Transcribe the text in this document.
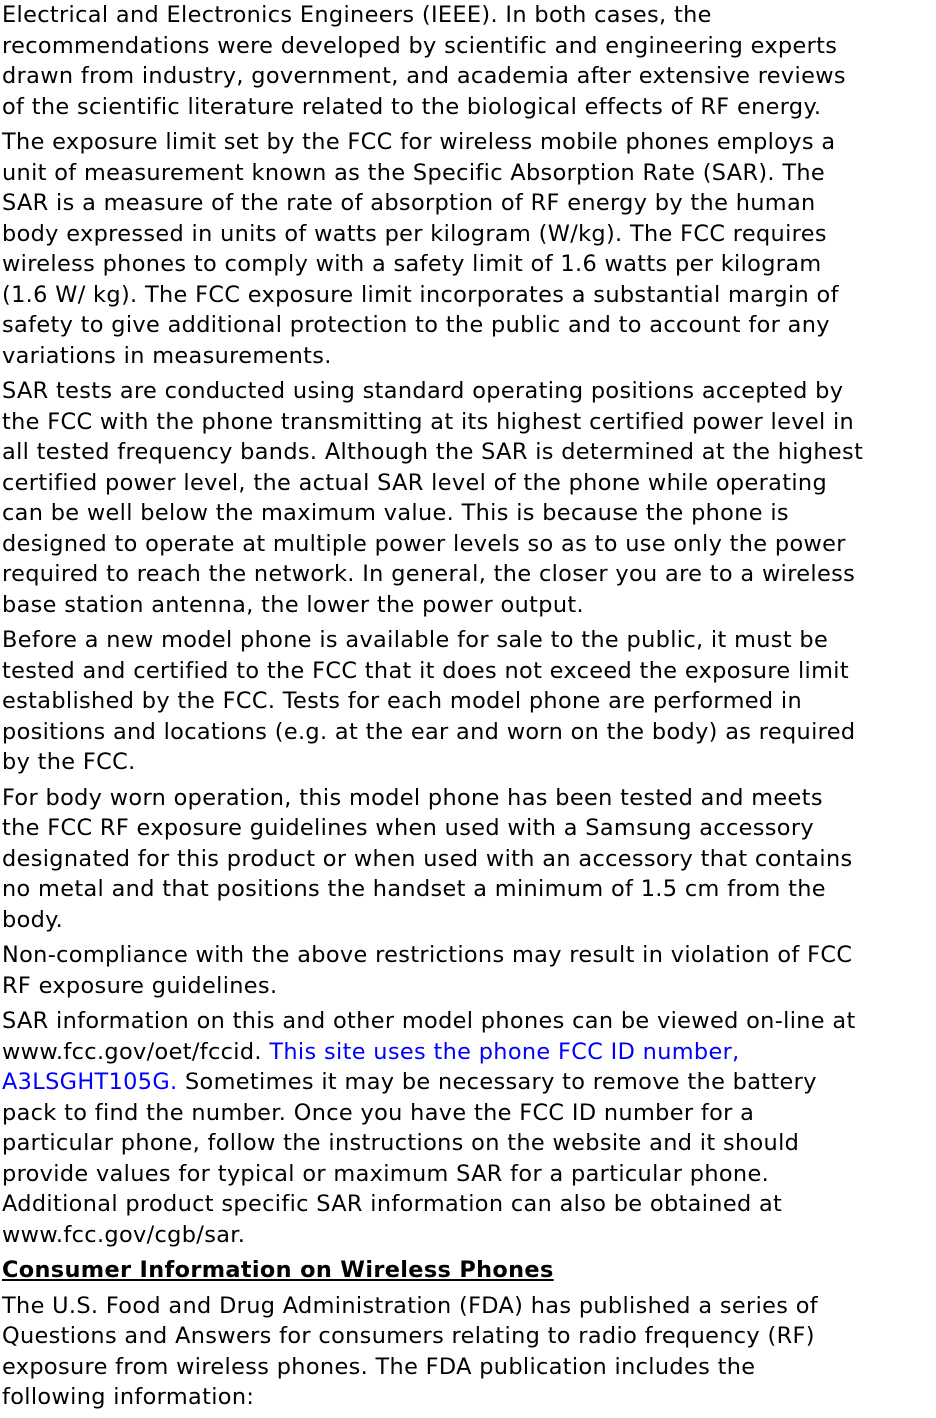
Electrical and Electronics Engineers (IEEE). In both cases, the
recommendations were developed by scientific and engineering experts
drawn from industry, government, and academia after extensive reviews
of the scientific literature related to the biological effects of RF energy.

The exposure limit set by the FCC for wireless mobile phones employs a
unit of measurement known as the Specific Absorption Rate (SAR). The
SAR is a measure of the rate of absorption of RF energy by the human
body expressed in units of watts per kilogram (W/kg). The FCC requires
wireless phones to comply with a safety limit of 1.6 watts per kilogram
(1.6 W/ kg). The FCC exposure limit incorporates a substantial margin of
safety to give additional protection to the public and to account for any
variations in measurements.

SAR tests are conducted using standard operating positions accepted by
the FCC with the phone transmitting at its highest certified power level in
all tested frequency bands. Although the SAR is determined at the highest
certified power level, the actual SAR level of the phone while operating
can be well below the maximum value. This is because the phone is
designed to operate at multiple power levels so as to use only the power
required to reach the network. In general, the closer you are to a wireless
base station antenna, the lower the power output.

Before a new model phone is available for sale to the public, it must be
tested and certified to the FCC that it does not exceed the exposure limit
established by the FCC. Tests for each model phone are performed in
positions and locations (e.g. at the ear and worn on the body) as required
by the FCC.

For body worn operation, this model phone has been tested and meets
the FCC RF exposure guidelines when used with a Samsung accessory
designated for this product or when used with an accessory that contains
no metal and that positions the handset a minimum of 1.5 cm from the
body.

Non-compliance with the above restrictions may result in violation of FCC
RF exposure guidelines.

SAR information on this and other model phones can be viewed on-line at
www.fcc.gov/oet/fccid. This site uses the phone FCC ID number,
A3LSGHT105G. Sometimes it may be necessary to remove the battery
pack to find the number. Once you have the FCC ID number for a
particular phone, follow the instructions on the website and it should
provide values for typical or maximum SAR for a particular phone.
Additional product specific SAR information can also be obtained at
www.fcc.gov/cgb/sar.

Consumer Information on Wireless Phones

The U.S. Food and Drug Administration (FDA) has published a series of
Questions and Answers for consumers relating to radio frequency (RF)
exposure from wireless phones. The FDA publication includes the
following information:
